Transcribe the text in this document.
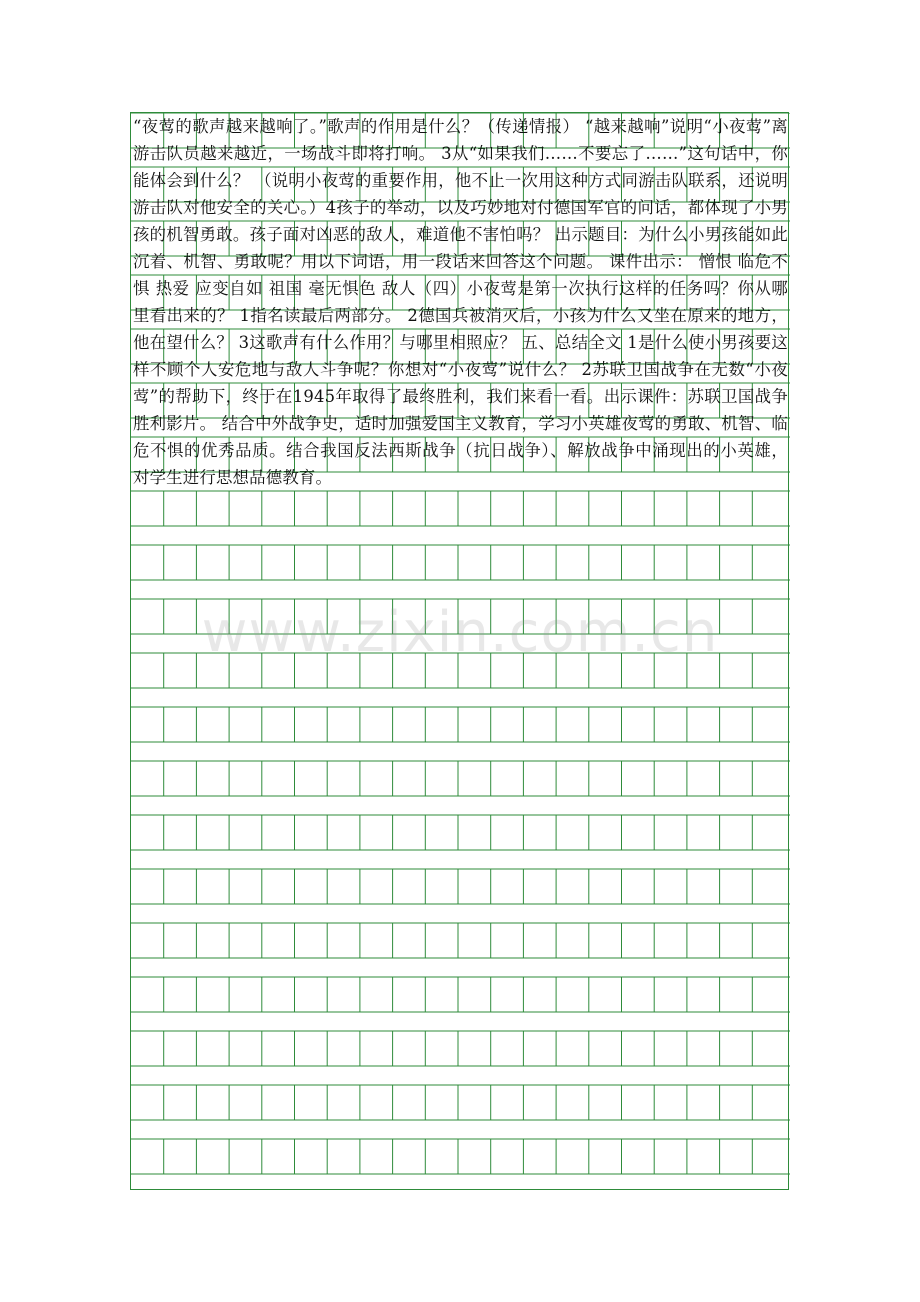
“夜莺的歌声越来越响了。”歌声的作用是什么？（传递情报） “越来越响”说明“小夜莺”离游击队员越来越近，一场战斗即将打响。 3从“如果我们……不要忘了……”这句话中，你能体会到什么？ （说明小夜莺的重要作用，他不止一次用这种方式同游击队联系，还说明游击队对他安全的关心。）4孩子的举动，以及巧妙地对付德国军官的问话，都体现了小男孩的机智勇敢。孩子面对凶恶的敌人，难道他不害怕吗？ 出示题目：为什么小男孩能如此沉着、机智、勇敢呢？用以下词语，用一段话来回答这个问题。 课件出示： 憎恨 临危不惧 热爱 应变自如 祖国 毫无惧色 敌人（四）小夜莺是第一次执行这样的任务吗？你从哪里看出来的？ 1指名读最后两部分。 2德国兵被消灭后，小孩为什么又坐在原来的地方，他在望什么？ 3这歌声有什么作用？与哪里相照应？ 五、总结全文 1是什么使小男孩要这样不顾个人安危地与敌人斗争呢？你想对“小夜莺”说什么？ 2苏联卫国战争在无数“小夜莺”的帮助下，终于在1945年取得了最终胜利，我们来看一看。出示课件：苏联卫国战争胜利影片。 结合中外战争史，适时加强爱国主义教育，学习小英雄夜莺的勇敢、机智、临危不惧的优秀品质。结合我国反法西斯战争（抗日战争）、解放战争中涌现出的小英雄，对学生进行思想品德教育。

www.zixin.com.cn
